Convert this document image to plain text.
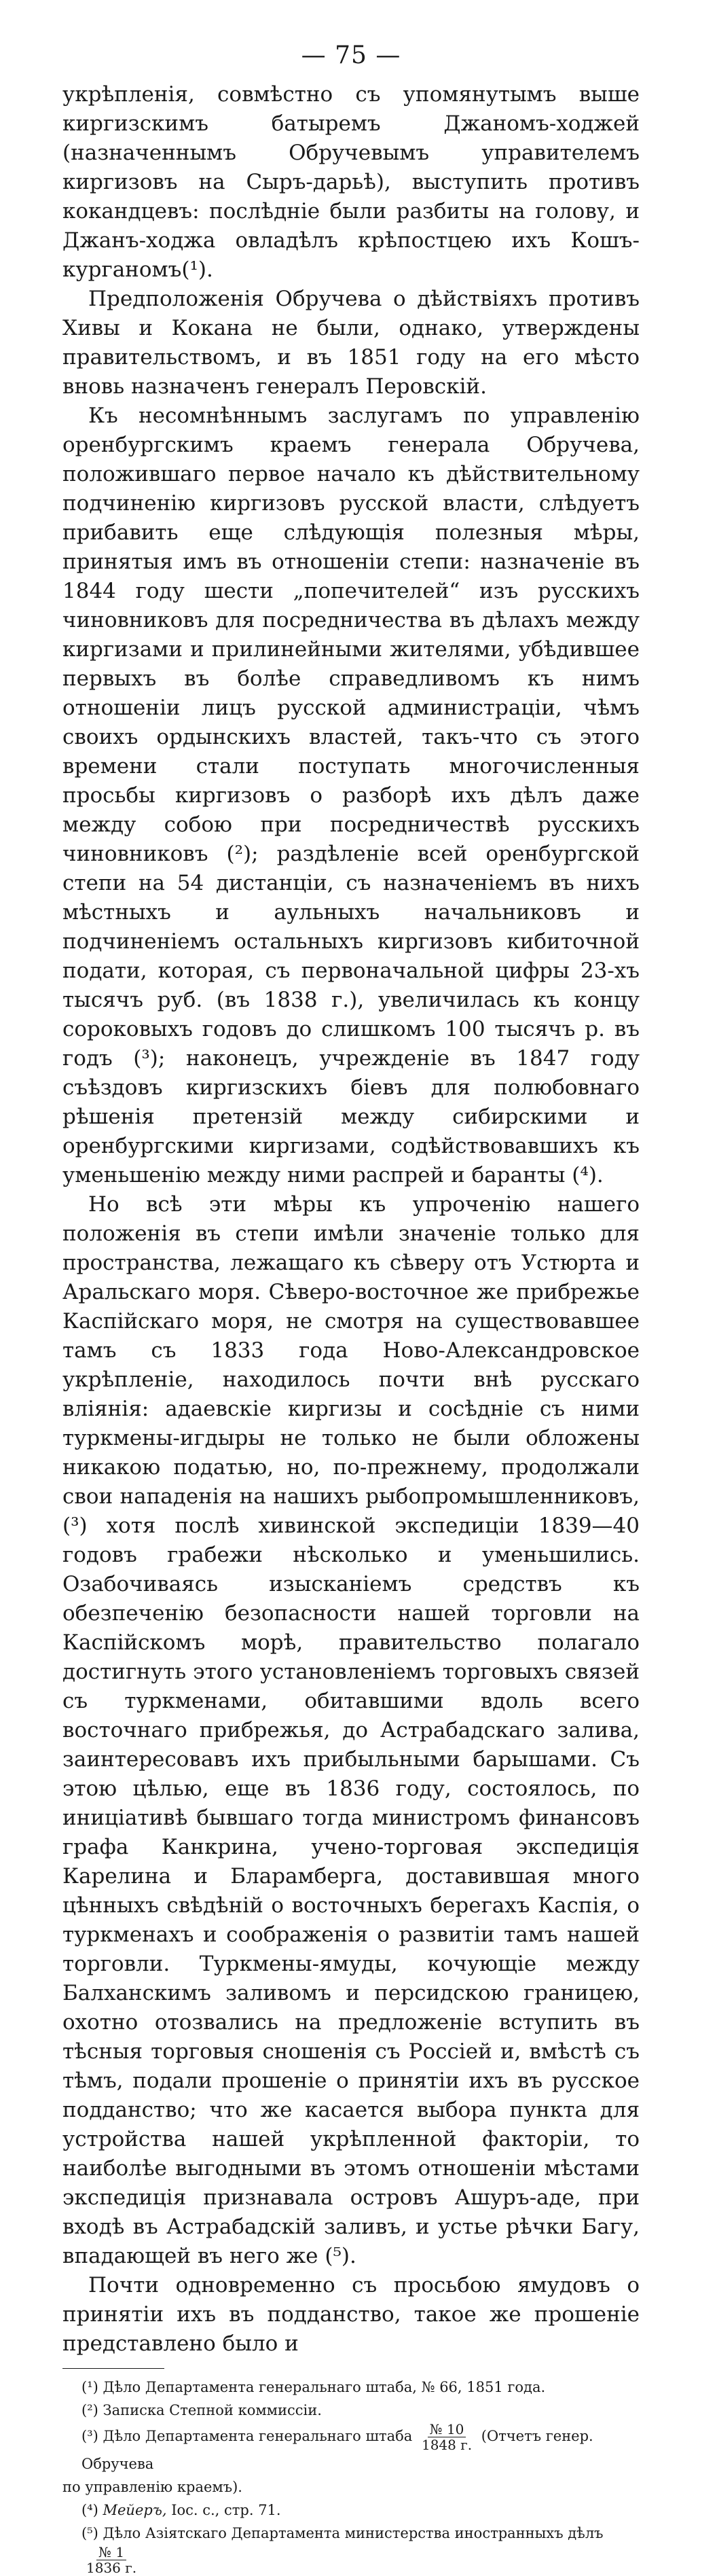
— 75 —

укрѣпленія, совмѣстно съ упомянутымъ выше киргизскимъ батыремъ Джаномъ-ходжей (назначеннымъ Обручевымъ управителемъ киргизовъ на Сыръ-дарьѣ), выступить противъ кокандцевъ: послѣдніе были разбиты на голову, и Джанъ-ходжа овладѣлъ крѣпостцею ихъ Кошъ-курганомъ(¹).

Предположенія Обручева о дѣйствіяхъ противъ Хивы и Кокана не были, однако, утверждены правительствомъ, и въ 1851 году на его мѣсто вновь назначенъ генералъ Перовскій.

Къ несомнѣннымъ заслугамъ по управленію оренбургскимъ краемъ генерала Обручева, положившаго первое начало къ дѣйствительному подчиненію киргизовъ русской власти, слѣдуетъ прибавить еще слѣдующія полезныя мѣры, принятыя имъ въ отношеніи степи: назначеніе въ 1844 году шести „попечителей“ изъ русскихъ чиновниковъ для посредничества въ дѣлахъ между киргизами и прилинейными жителями, убѣдившее первыхъ въ болѣе справедливомъ къ нимъ отношеніи лицъ русской администраціи, чѣмъ своихъ ордынскихъ властей, такъ-что съ этого времени стали поступать многочисленныя просьбы киргизовъ о разборѣ ихъ дѣлъ даже между собою при посредничествѣ русскихъ чиновниковъ (²); раздѣленіе всей оренбургской степи на 54 дистанціи, съ назначеніемъ въ нихъ мѣстныхъ и аульныхъ начальниковъ и подчиненіемъ остальныхъ киргизовъ кибиточной подати, которая, съ первоначальной цифры 23-хъ тысячъ руб. (въ 1838 г.), увеличилась къ концу сороковыхъ годовъ до слишкомъ 100 тысячъ р. въ годъ (³); наконецъ, учрежденіе въ 1847 году съѣздовъ киргизскихъ біевъ для полюбовнаго рѣшенія претензій между сибирскими и оренбургскими киргизами, содѣйствовавшихъ къ уменьшенію между ними распрей и баранты (⁴).

Но всѣ эти мѣры къ упроченію нашего положенія въ степи имѣли значеніе только для пространства, лежащаго къ сѣверу отъ Устюрта и Аральскаго моря. Сѣверо-восточное же прибрежье Каспійскаго моря, не смотря на существовавшее тамъ съ 1833 года Ново-Александровское укрѣпленіе, находилось почти внѣ русскаго вліянія: адаевскіе киргизы и сосѣдніе съ ними туркмены-игдыры не только не были обложены никакою податью, но, по-прежнему, продолжали свои нападенія на нашихъ рыбопромышленниковъ, (³) хотя послѣ хивинской экспедиціи 1839—40 годовъ грабежи нѣсколько и уменьшились. Озабочиваясь изысканіемъ средствъ къ обезпеченію безопасности нашей торговли на Каспійскомъ морѣ, правительство полагало достигнуть этого установленіемъ торговыхъ связей съ туркменами, обитавшими вдоль всего восточнаго прибрежья, до Астрабадскаго залива, заинтересовавъ ихъ прибыльными барышами. Съ этою цѣлью, еще въ 1836 году, состоялось, по иниціативѣ бывшаго тогда министромъ финансовъ графа Канкрина, учено-торговая экспедиція Карелина и Бларамберга, доставившая много цѣнныхъ свѣдѣній о восточныхъ берегахъ Каспія, о туркменахъ и соображенія о развитіи тамъ нашей торговли. Туркмены-ямуды, кочующіе между Балханскимъ заливомъ и персидскою границею, охотно отозвались на предложеніе вступить въ тѣсныя торговыя сношенія съ Россіей и, вмѣстѣ съ тѣмъ, подали прошеніе о принятіи ихъ въ русское подданство; что же касается выбора пункта для устройства нашей укрѣпленной факторіи, то наиболѣе выгодными въ этомъ отношеніи мѣстами экспедиція признавала островъ Ашуръ-аде, при входѣ въ Астрабадскій заливъ, и устье рѣчки Багу, впадающей въ него же (⁵).

Почти одновременно съ просьбою ямудовъ о принятіи ихъ въ подданство, такое же прошеніе представлено было и

(¹) Дѣло Департамента генеральнаго штаба, № 66, 1851 года.

(²) Записка Степной коммиссіи.

(³) Дѣло Департамента генеральнаго штаба $\frac{№ 10}{1848 г.}$ (Отчетъ генер. Обручева

по управленію краемъ).

(⁴) Мейеръ, Іос. с., стр. 71.

(⁵) Дѣло Азіятскаго Департамента министерства иностранныхъ дѣлъ
$\frac{№ 1}{1836 г.}$
